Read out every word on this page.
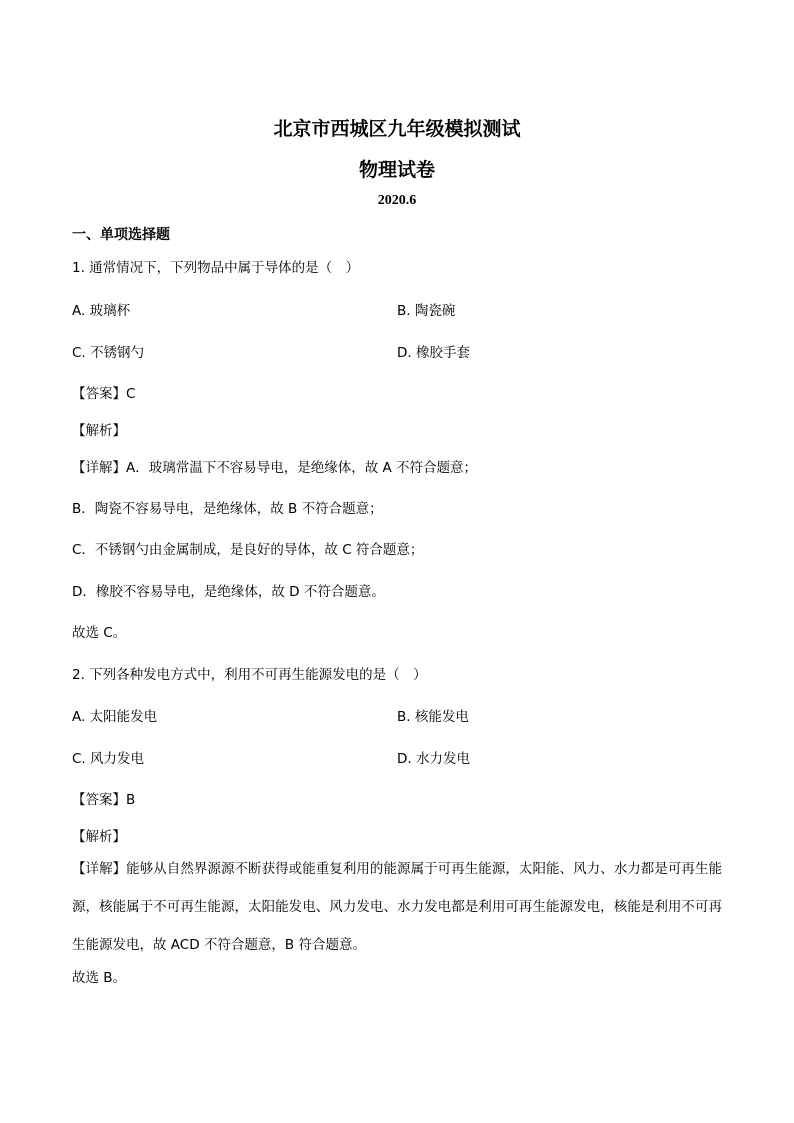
北京市西城区九年级模拟测试
物理试卷
2020.6
一、单项选择题
1. 通常情况下，下列物品中属于导体的是（　）
A. 玻璃杯	B. 陶瓷碗
C. 不锈钢勺	D. 橡胶手套
【答案】C
【解析】
【详解】A．玻璃常温下不容易导电，是绝缘体，故 A 不符合题意；
B．陶瓷不容易导电，是绝缘体，故 B 不符合题意；
C．不锈钢勺由金属制成，是良好的导体，故 C 符合题意；
D．橡胶不容易导电，是绝缘体，故 D 不符合题意。
故选 C。
2. 下列各种发电方式中，利用不可再生能源发电的是（　）
A. 太阳能发电	B. 核能发电
C. 风力发电	D. 水力发电
【答案】B
【解析】
【详解】能够从自然界源源不断获得或能重复利用的能源属于可再生能源，太阳能、风力、水力都是可再生能源，核能属于不可再生能源，太阳能发电、风力发电、水力发电都是利用可再生能源发电，核能是利用不可再生能源发电，故 ACD 不符合题意，B 符合题意。
故选 B。
